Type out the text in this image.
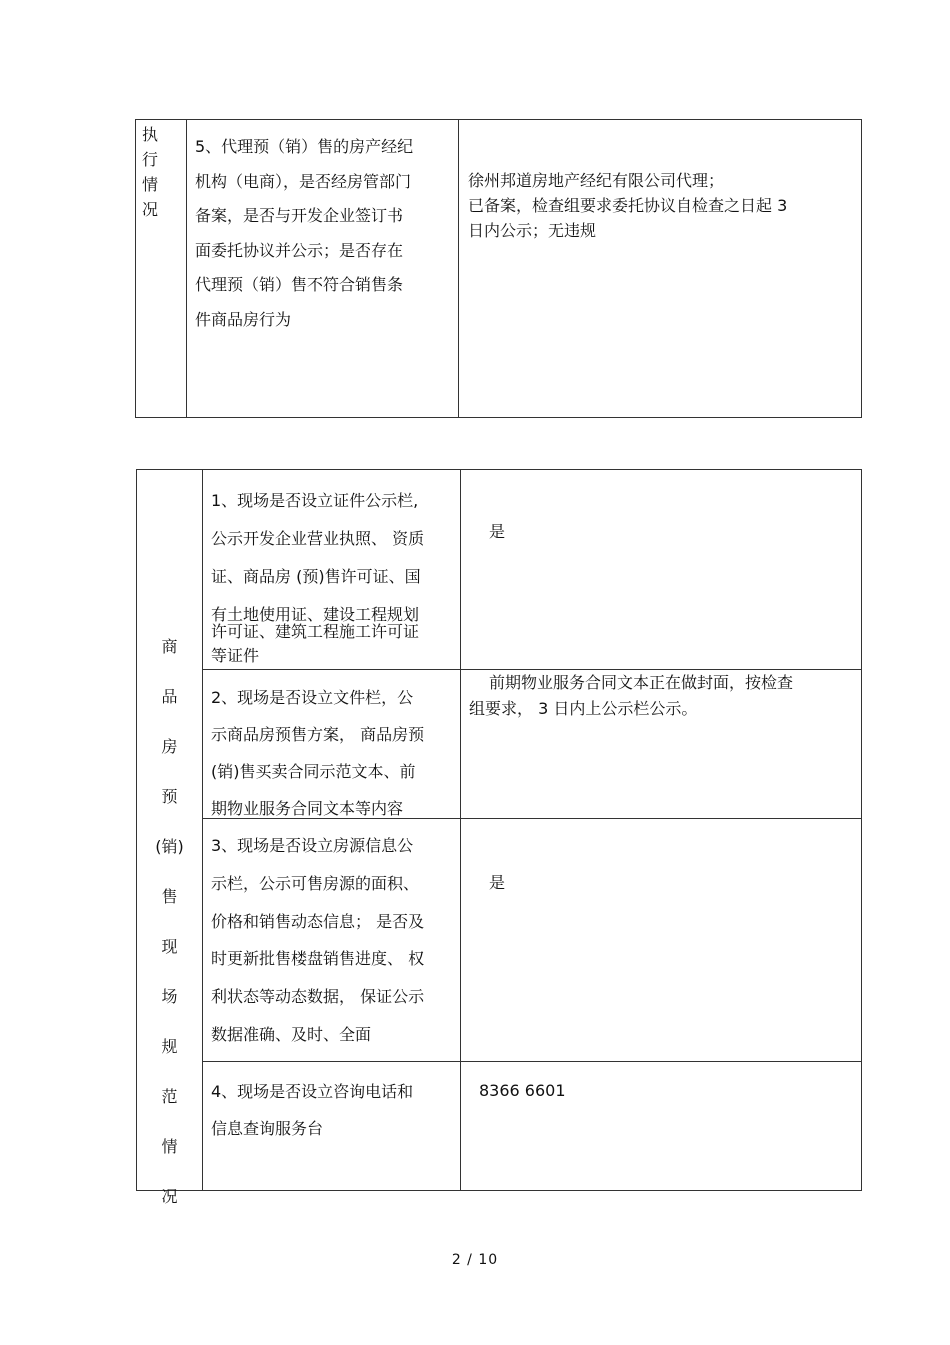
执
行
情
况
5、代理预（销）售的房产经纪
机构（电商），是否经房管部门
备案，是否与开发企业签订书
面委托协议并公示；是否存在
代理预（销）售不符合销售条
件商品房行为
徐州邦道房地产经纪有限公司代理；
已备案，检查组要求委托协议自检查之日起 3
日内公示；无违规
商
品
房
预
(销)
售
现
场
规
范
情
况
1、现场是否设立证件公示栏,
公示开发企业营业执照、 资质
证、商品房 (预)售许可证、国
有土地使用证、建设工程规划
许可证、建筑工程施工许可证
等证件
是
2、现场是否设立文件栏，公
示商品房预售方案， 商品房预
(销)售买卖合同示范文本、前
期物业服务合同文本等内容
前期物业服务合同文本正在做封面，按检查
组要求， 3 日内上公示栏公示。
3、现场是否设立房源信息公
示栏，公示可售房源的面积、
价格和销售动态信息； 是否及
时更新批售楼盘销售进度、 权
利状态等动态数据， 保证公示
数据准确、及时、全面
是
4、现场是否设立咨询电话和
信息查询服务台
8366 6601
2 / 10
